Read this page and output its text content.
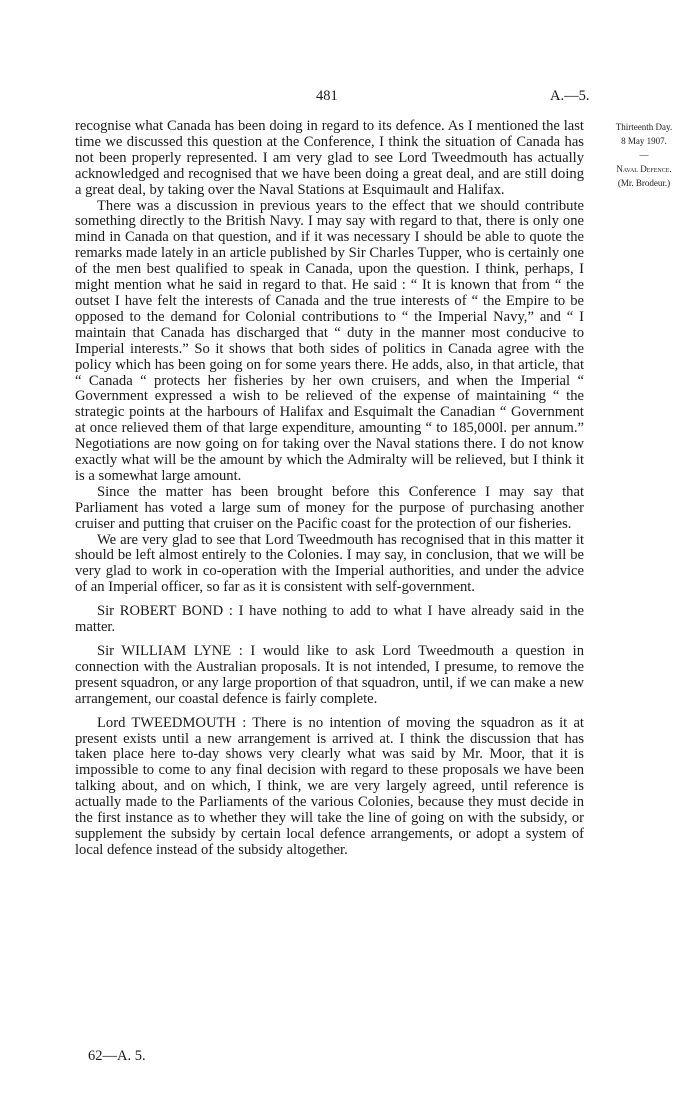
481	A.—5.
Thirteenth Day.
8 May 1907.
—
Naval Defence.
(Mr. Brodeur.)

recognise what Canada has been doing in regard to its defence. As I mentioned the last time we discussed this question at the Conference, I think the situation of Canada has not been properly represented. I am very glad to see Lord Tweedmouth has actually acknowledged and recognised that we have been doing a great deal, and are still doing a great deal, by taking over the Naval Stations at Esquimault and Halifax.

There was a discussion in previous years to the effect that we should contribute something directly to the British Navy. I may say with regard to that, there is only one mind in Canada on that question, and if it was necessary I should be able to quote the remarks made lately in an article published by Sir Charles Tupper, who is certainly one of the men best qualified to speak in Canada, upon the question. I think, perhaps, I might mention what he said in regard to that. He said : “ It is known that from “ the outset I have felt the interests of Canada and the true interests of “ the Empire to be opposed to the demand for Colonial contributions to “ the Imperial Navy,” and “ I maintain that Canada has discharged that “ duty in the manner most conducive to Imperial interests.” So it shows that both sides of politics in Canada agree with the policy which has been going on for some years there. He adds, also, in that article, that “ Canada “ protects her fisheries by her own cruisers, and when the Imperial “ Government expressed a wish to be relieved of the expense of maintaining “ the strategic points at the harbours of Halifax and Esquimalt the Canadian “ Government at once relieved them of that large expenditure, amounting “ to 185,000l. per annum.” Negotiations are now going on for taking over the Naval stations there. I do not know exactly what will be the amount by which the Admiralty will be relieved, but I think it is a somewhat large amount.

Since the matter has been brought before this Conference I may say that Parliament has voted a large sum of money for the purpose of purchasing another cruiser and putting that cruiser on the Pacific coast for the protection of our fisheries.

We are very glad to see that Lord Tweedmouth has recognised that in this matter it should be left almost entirely to the Colonies. I may say, in conclusion, that we will be very glad to work in co-operation with the Imperial authorities, and under the advice of an Imperial officer, so far as it is consistent with self-government.

Sir ROBERT BOND : I have nothing to add to what I have already said in the matter.

Sir WILLIAM LYNE : I would like to ask Lord Tweedmouth a question in connection with the Australian proposals. It is not intended, I presume, to remove the present squadron, or any large proportion of that squadron, until, if we can make a new arrangement, our coastal defence is fairly complete.

Lord TWEEDMOUTH : There is no intention of moving the squadron as it at present exists until a new arrangement is arrived at. I think the discussion that has taken place here to-day shows very clearly what was said by Mr. Moor, that it is impossible to come to any final decision with regard to these proposals we have been talking about, and on which, I think, we are very largely agreed, until reference is actually made to the Parliaments of the various Colonies, because they must decide in the first instance as to whether they will take the line of going on with the subsidy, or supplement the subsidy by certain local defence arrangements, or adopt a system of local defence instead of the subsidy altogether.

62—A. 5.
